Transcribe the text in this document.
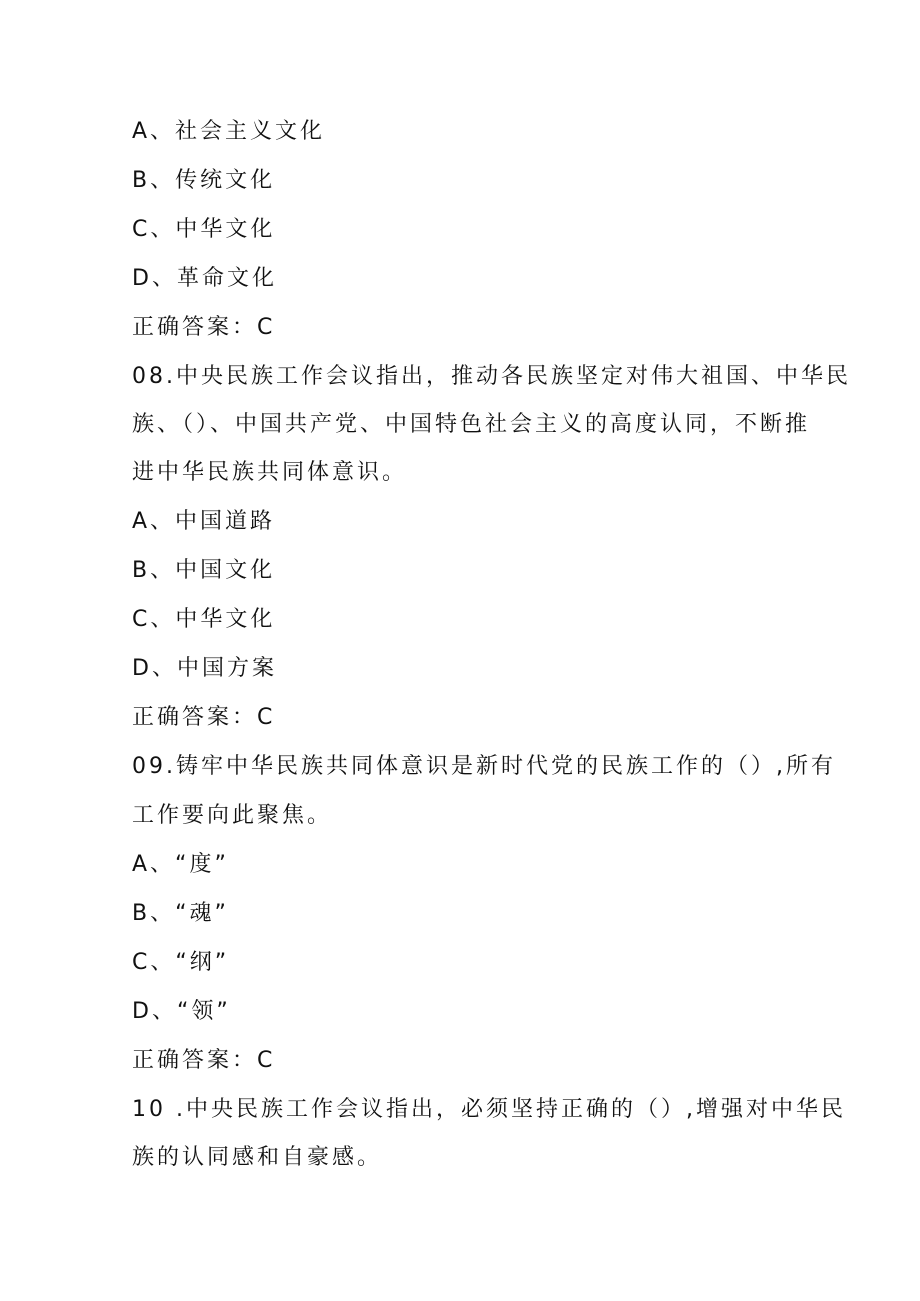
A、社会主义文化
B、传统文化
C、中华文化
D、革命文化
正确答案：C
08.中央民族工作会议指出，推动各民族坚定对伟大祖国、中华民
族、（）、中国共产党、中国特色社会主义的高度认同，不断推
进中华民族共同体意识。
A、中国道路
B、中国文化
C、中华文化
D、中国方案
正确答案：C
09.铸牢中华民族共同体意识是新时代党的民族工作的（）,所有
工作要向此聚焦。
A、“度”
B、“魂”
C、“纲”
D、“领”
正确答案：C
10 .中央民族工作会议指出，必须坚持正确的（）,增强对中华民
族的认同感和自豪感。
